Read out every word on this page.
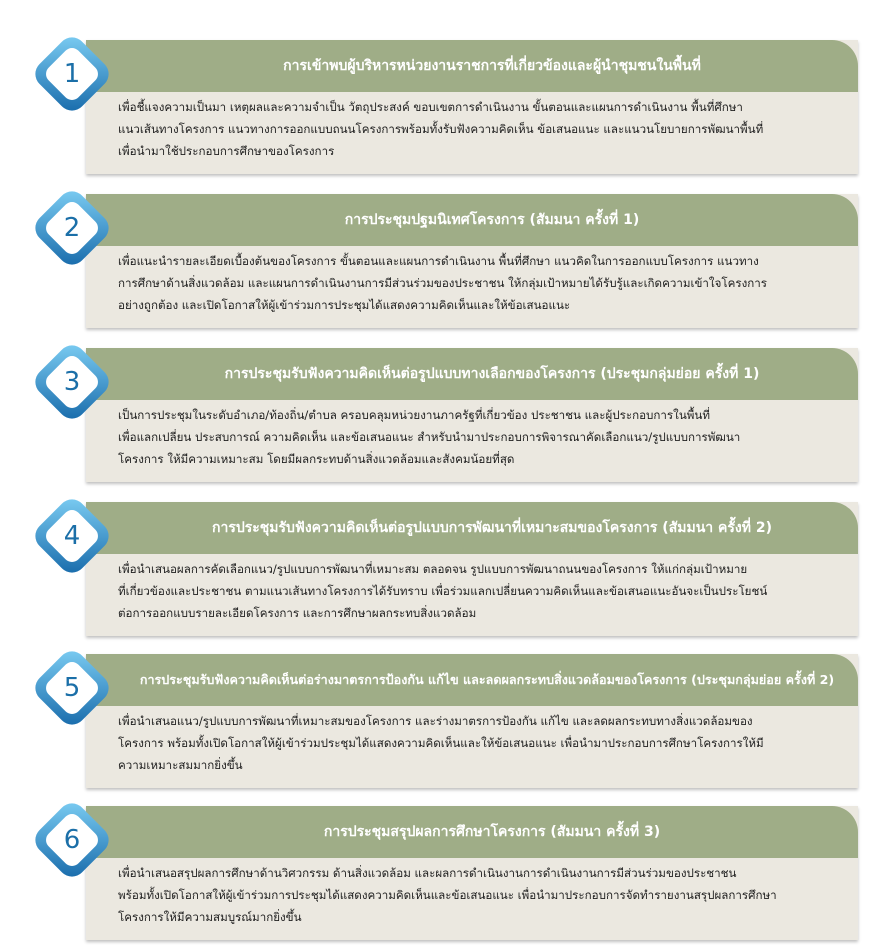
การเข้าพบผู้บริหารหน่วยงานราชการที่เกี่ยวข้องและผู้นำชุมชนในพื้นที่
เพื่อชี้แจงความเป็นมา เหตุผลและความจำเป็น วัตถุประสงค์ ขอบเขตการดำเนินงาน ขั้นตอนและแผนการดำเนินงาน พื้นที่ศึกษา
แนวเส้นทางโครงการ แนวทางการออกแบบถนนโครงการพร้อมทั้งรับฟังความคิดเห็น ข้อเสนอแนะ และแนวนโยบายการพัฒนาพื้นที่
เพื่อนำมาใช้ประกอบการศึกษาของโครงการ
1
การประชุมปฐมนิเทศโครงการ (สัมมนา ครั้งที่ 1)
เพื่อแนะนำรายละเอียดเบื้องต้นของโครงการ ขั้นตอนและแผนการดำเนินงาน พื้นที่ศึกษา แนวคิดในการออกแบบโครงการ แนวทาง
การศึกษาด้านสิ่งแวดล้อม และแผนการดำเนินงานการมีส่วนร่วมของประชาชน ให้กลุ่มเป้าหมายได้รับรู้และเกิดความเข้าใจโครงการ
อย่างถูกต้อง และเปิดโอกาสให้ผู้เข้าร่วมการประชุมได้แสดงความคิดเห็นและให้ข้อเสนอแนะ
2
การประชุมรับฟังความคิดเห็นต่อรูปแบบทางเลือกของโครงการ (ประชุมกลุ่มย่อย ครั้งที่ 1)
เป็นการประชุมในระดับอำเภอ/ท้องถิ่น/ตำบล ครอบคลุมหน่วยงานภาครัฐที่เกี่ยวข้อง ประชาชน และผู้ประกอบการในพื้นที่
เพื่อแลกเปลี่ยน ประสบการณ์ ความคิดเห็น และข้อเสนอแนะ สำหรับนำมาประกอบการพิจารณาคัดเลือกแนว/รูปแบบการพัฒนา
โครงการ ให้มีความเหมาะสม โดยมีผลกระทบด้านสิ่งแวดล้อมและสังคมน้อยที่สุด
3
การประชุมรับฟังความคิดเห็นต่อรูปแบบการพัฒนาที่เหมาะสมของโครงการ (สัมมนา ครั้งที่ 2)
เพื่อนำเสนอผลการคัดเลือกแนว/รูปแบบการพัฒนาที่เหมาะสม ตลอดจน รูปแบบการพัฒนาถนนของโครงการ ให้แก่กลุ่มเป้าหมาย
ที่เกี่ยวข้องและประชาชน ตามแนวเส้นทางโครงการได้รับทราบ เพื่อร่วมแลกเปลี่ยนความคิดเห็นและข้อเสนอแนะอันจะเป็นประโยชน์
ต่อการออกแบบรายละเอียดโครงการ และการศึกษาผลกระทบสิ่งแวดล้อม
4
การประชุมรับฟังความคิดเห็นต่อร่างมาตรการป้องกัน แก้ไข และลดผลกระทบสิ่งแวดล้อมของโครงการ (ประชุมกลุ่มย่อย ครั้งที่ 2)
เพื่อนำเสนอแนว/รูปแบบการพัฒนาที่เหมาะสมของโครงการ และร่างมาตรการป้องกัน แก้ไข และลดผลกระทบทางสิ่งแวดล้อมของ
โครงการ พร้อมทั้งเปิดโอกาสให้ผู้เข้าร่วมประชุมได้แสดงความคิดเห็นและให้ข้อเสนอแนะ เพื่อนำมาประกอบการศึกษาโครงการให้มี
ความเหมาะสมมากยิ่งขึ้น
5
การประชุมสรุปผลการศึกษาโครงการ (สัมมนา ครั้งที่ 3)
เพื่อนำเสนอสรุปผลการศึกษาด้านวิศวกรรม ด้านสิ่งแวดล้อม และผลการดำเนินงานการดำเนินงานการมีส่วนร่วมของประชาชน
พร้อมทั้งเปิดโอกาสให้ผู้เข้าร่วมการประชุมได้แสดงความคิดเห็นและข้อเสนอแนะ เพื่อนำมาประกอบการจัดทำรายงานสรุปผลการศึกษา
โครงการให้มีความสมบูรณ์มากยิ่งขึ้น
6
